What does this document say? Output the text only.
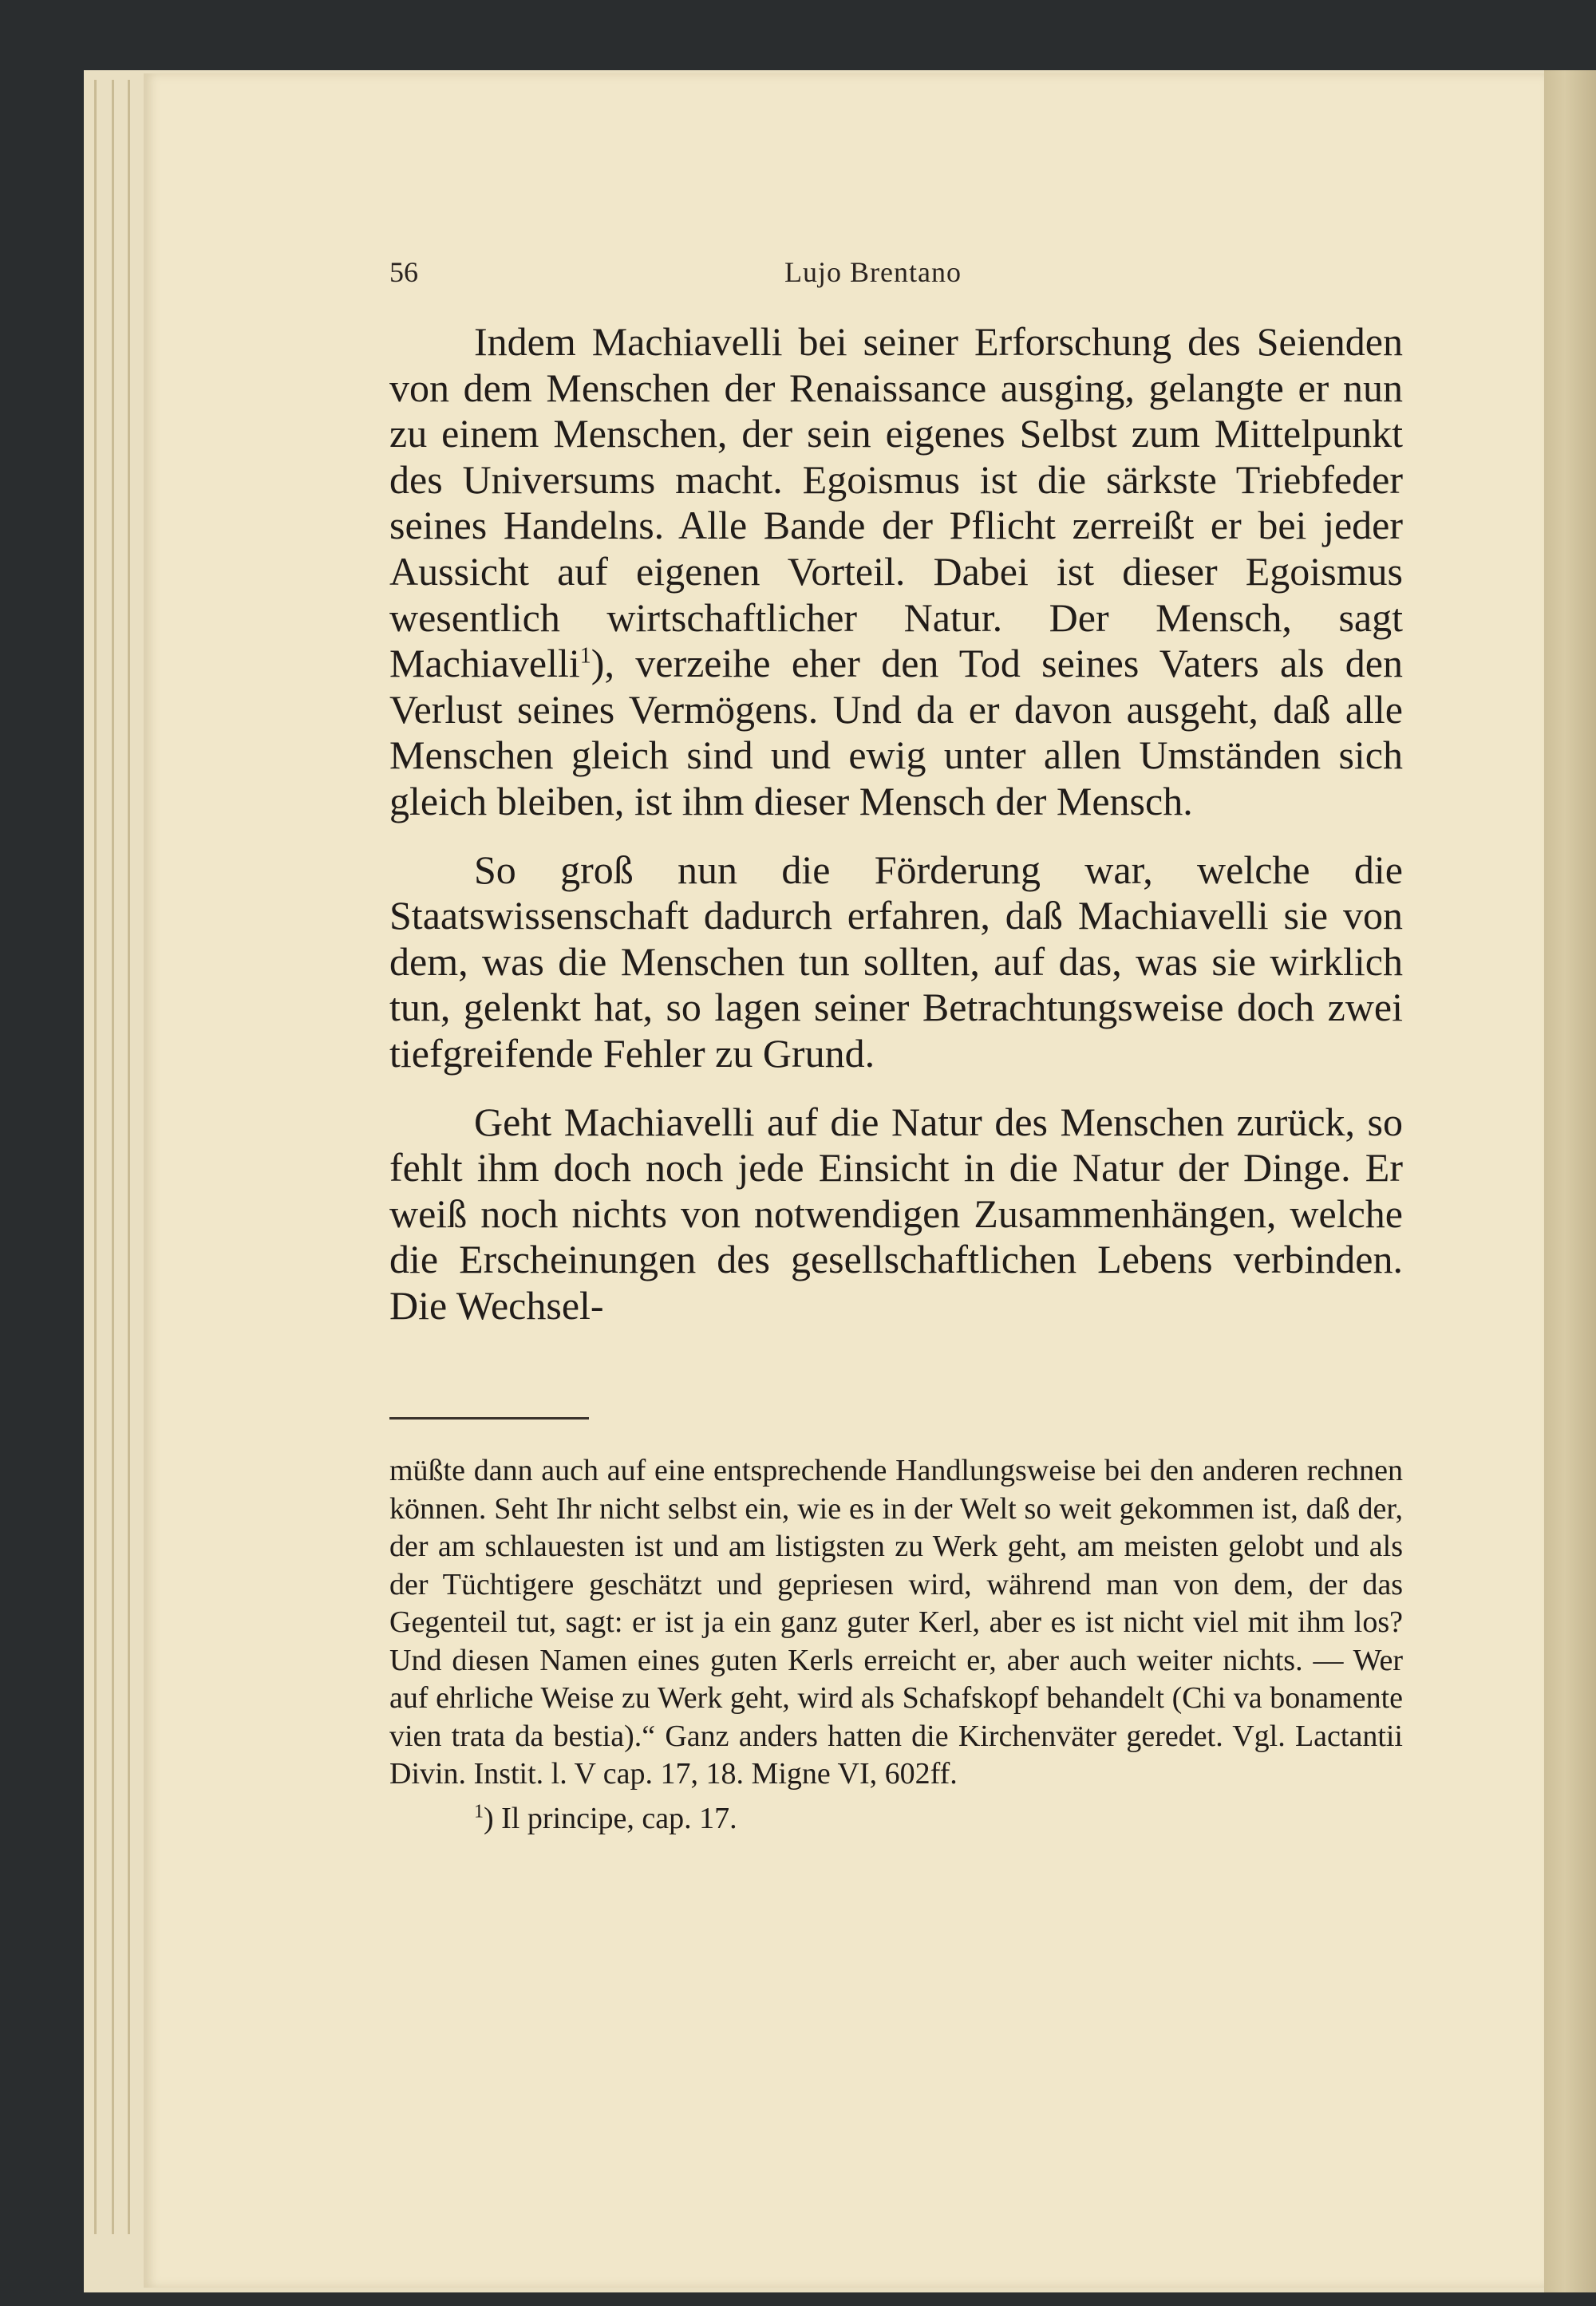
56	Lujo Brentano

Indem Machiavelli bei seiner Erforschung des Seienden von dem Menschen der Renaissance ausging, gelangte er nun zu einem Menschen, der sein eigenes Selbst zum Mittelpunkt des Universums macht. Egoismus ist die särkste Triebfeder seines Handelns. Alle Bande der Pflicht zerreißt er bei jeder Aussicht auf eigenen Vorteil. Dabei ist dieser Egoismus wesentlich wirtschaftlicher Natur. Der Mensch, sagt Machiavelli$^1$), verzeihe eher den Tod seines Vaters als den Verlust seines Vermögens. Und da er davon ausgeht, daß alle Menschen gleich sind und ewig unter allen Umständen sich gleich bleiben, ist ihm dieser Mensch der Mensch.

So groß nun die Förderung war, welche die Staatswissenschaft dadurch erfahren, daß Machiavelli sie von dem, was die Menschen tun sollten, auf das, was sie wirklich tun, gelenkt hat, so lagen seiner Betrachtungsweise doch zwei tiefgreifende Fehler zu Grund.

Geht Machiavelli auf die Natur des Menschen zurück, so fehlt ihm doch noch jede Einsicht in die Natur der Dinge. Er weiß noch nichts von notwendigen Zusammenhängen, welche die Erscheinungen des gesellschaftlichen Lebens verbinden. Die Wechsel-

müßte dann auch auf eine entsprechende Handlungsweise bei den anderen rechnen können. Seht Ihr nicht selbst ein, wie es in der Welt so weit gekommen ist, daß der, der am schlauesten ist und am listigsten zu Werk geht, am meisten gelobt und als der Tüchtigere geschätzt und gepriesen wird, während man von dem, der das Gegenteil tut, sagt: er ist ja ein ganz guter Kerl, aber es ist nicht viel mit ihm los? Und diesen Namen eines guten Kerls erreicht er, aber auch weiter nichts. — Wer auf ehrliche Weise zu Werk geht, wird als Schafskopf behandelt (Chi va bonamente vien trata da bestia).“ Ganz anders hatten die Kirchenväter geredet. Vgl. Lactantii Divin. Instit. l. V cap. 17, 18. Migne VI, 602ff.

$^1$) Il principe, cap. 17.
